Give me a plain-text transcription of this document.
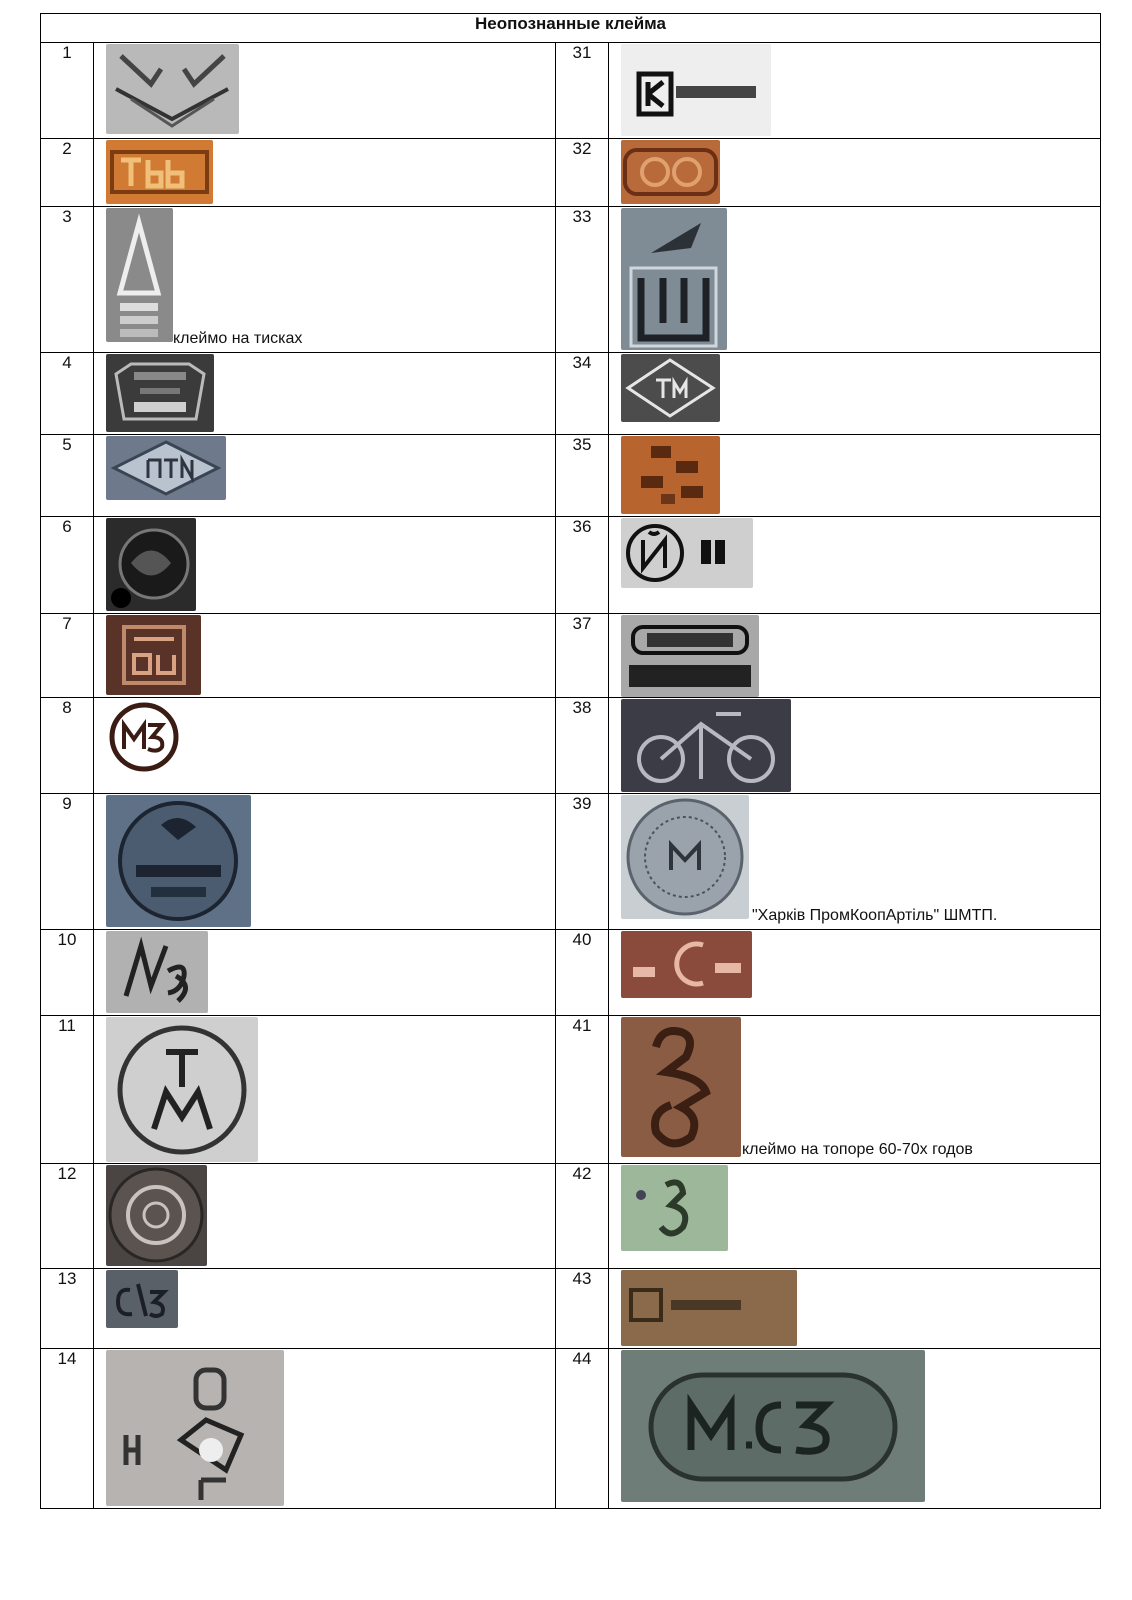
Неопознанные клейма			
1		31	

2		32	

3	клеймо на тисках	33	

4		34	

5		35	

6		36	

7		37	

8		38	

9		39	"Харків ПромКоопАртіль" ШМТП.

10		40	

11		41	клеймо на топоре 60-70х годов

12		42	

13		43	

14		44	
